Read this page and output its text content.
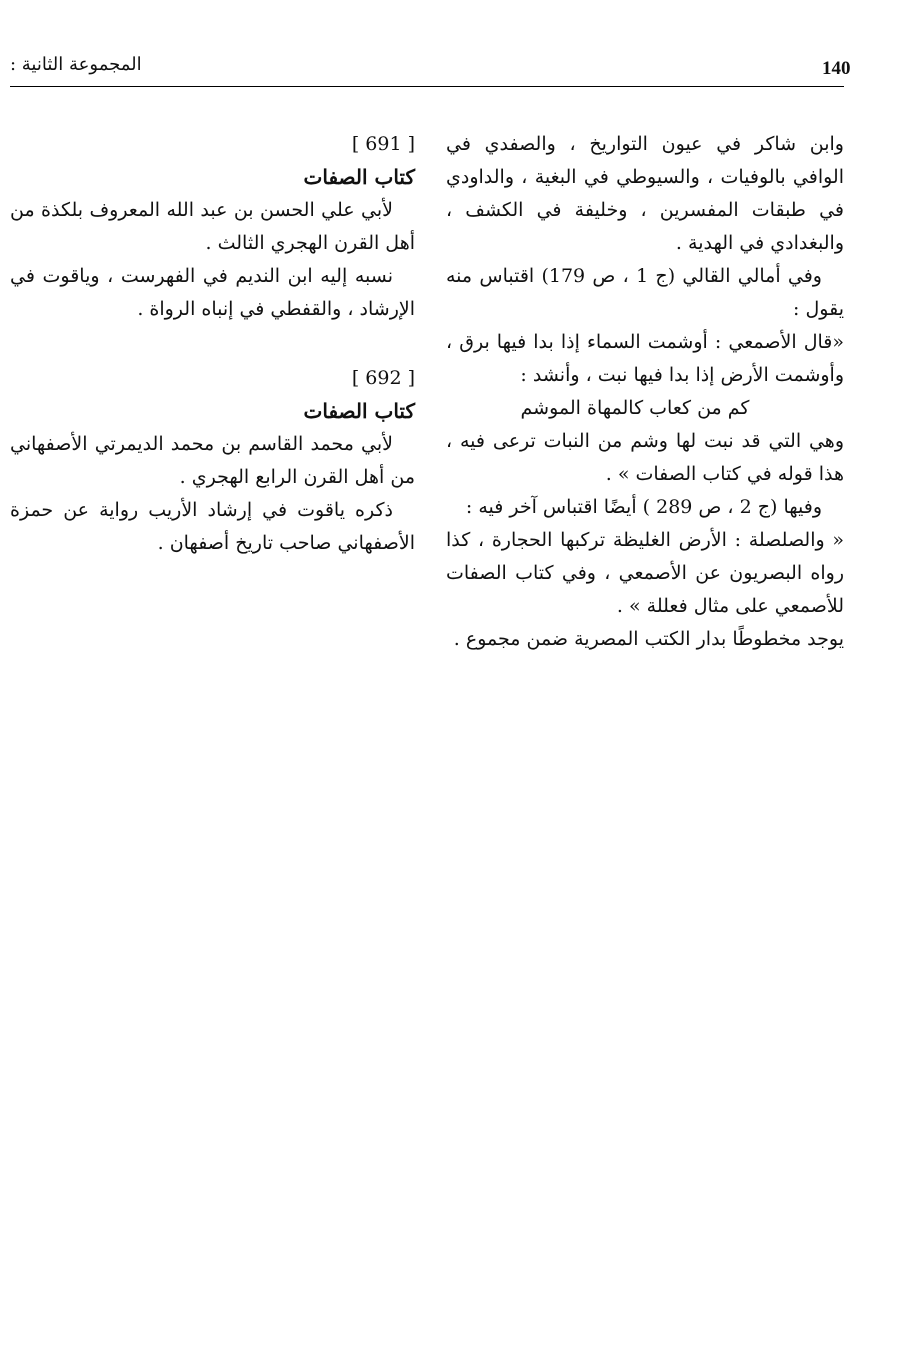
140
المجموعة الثانية :

وابن شاكر في عيون التواريخ ، والصفدي في الوافي بالوفيات ، والسيوطي في البغية ، والداودي في طبقات المفسرين ، وخليفة في الكشف ، والبغدادي في الهدية .

وفي أمالي القالي (ج 1 ، ص 179) اقتباس منه يقول :

«قال الأصمعي : أوشمت السماء إذا بدا فيها برق ، وأوشمت الأرض إذا بدا فيها نبت ، وأنشد :

كم من كعاب كالمهاة الموشم

وهي التي قد نبت لها وشم من النبات ترعى فيه ، هذا قوله في كتاب الصفات » .

وفيها (ج 2 ، ص 289 ) أيضًا اقتباس آخر فيه :

« والصلصلة : الأرض الغليظة تركبها الحجارة ، كذا رواه البصريون عن الأصمعي ، وفي كتاب الصفات للأصمعي على مثال فعللة » .

يوجد مخطوطًا بدار الكتب المصرية ضمن مجموع .

[ 691 ]

كتاب الصفات

لأبي علي الحسن بن عبد الله المعروف بلكذة من أهل القرن الهجري الثالث .

نسبه إليه ابن النديم في الفهرست ، وياقوت في الإرشاد ، والقفطي في إنباه الرواة .

[ 692 ]

كتاب الصفات

لأبي محمد القاسم بن محمد الديمرتي الأصفهاني من أهل القرن الرابع الهجري .

ذكره ياقوت في إرشاد الأريب رواية عن حمزة الأصفهاني صاحب تاريخ أصفهان .
